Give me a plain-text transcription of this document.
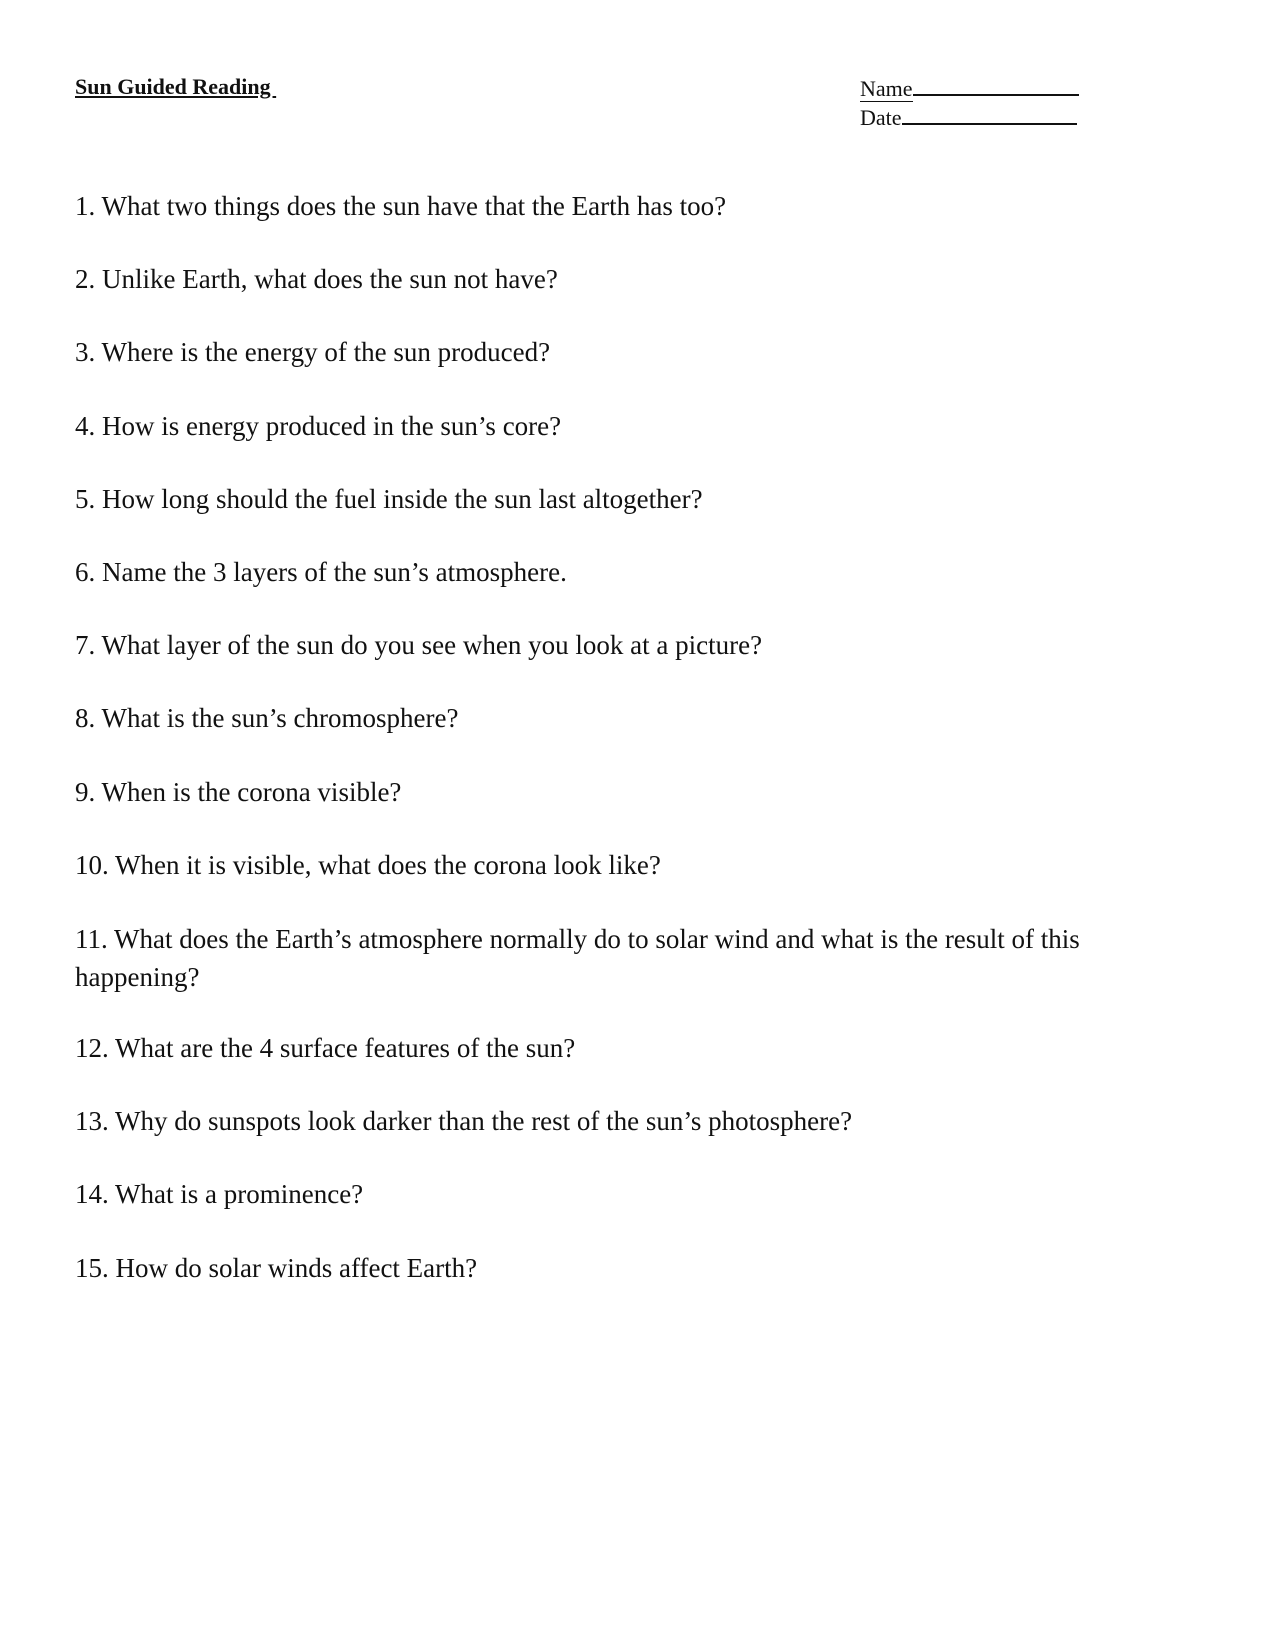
Sun Guided Reading	Name
Date
1. What two things does the sun have that the Earth has too?
2. Unlike Earth, what does the sun not have?
3. Where is the energy of the sun produced?
4. How is energy produced in the sun’s core?
5. How long should the fuel inside the sun last altogether?
6. Name the 3 layers of the sun’s atmosphere.
7. What layer of the sun do you see when you look at a picture?
8. What is the sun’s chromosphere?
9. When is the corona visible?
10. When it is visible, what does the corona look like?
11. What does the Earth’s atmosphere normally do to solar wind and what is the result of this happening?
12. What are the 4 surface features of the sun?
13. Why do sunspots look darker than the rest of the sun’s photosphere?
14. What is a prominence?
15. How do solar winds affect Earth?
